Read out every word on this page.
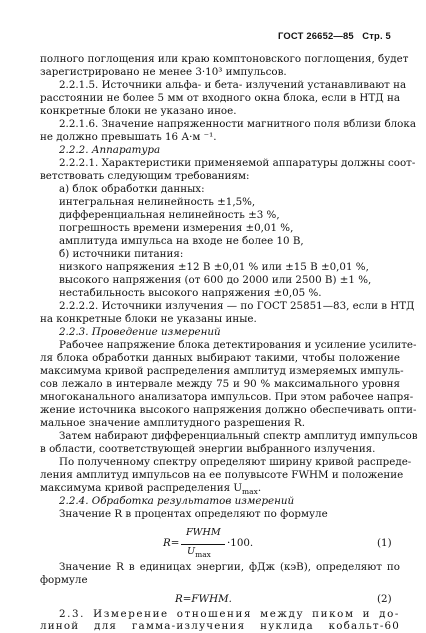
ГОСТ 26652—85 Стр. 5
полного поглощения или краю комптоновского поглощения, будет
зарегистрировано не менее 3·10³ импульсов.
2.2.1.5. Источники альфа- и бета- излучений устанавливают на
расстоянии не более 5 мм от входного окна блока, если в НТД на
конкретные блоки не указано иное.
2.2.1.6. Значение напряженности магнитного поля вблизи блока
не должно превышать 16 А·м ⁻¹.
2.2.2. Аппаратура
2.2.2.1. Характеристики применяемой аппаратуры должны соот-
ветствовать следующим требованиям:
а) блок обработки данных:
интегральная нелинейность ±1,5%,
дифференциальная нелинейность ±3 %,
погрешность времени измерения ±0,01 %,
амплитуда импульса на входе не более 10 В,
б) источники питания:
низкого напряжения ±12 В ±0,01 % или ±15 В ±0,01 %,
высокого напряжения (от 600 до 2000 или 2500 В) ±1 %,
нестабильность высокого напряжения ±0,05 %.
2.2.2.2. Источники излучения — по ГОСТ 25851—83, если в НТД
на конкретные блоки не указаны иные.
2.2.3. Проведение измерений
Рабочее напряжение блока детектирования и усиление усилите-
ля блока обработки данных выбирают такими, чтобы положение
максимума кривой распределения амплитуд измеряемых импуль-
сов лежало в интервале между 75 и 90 % максимального уровня
многоканального анализатора импульсов. При этом рабочее напря-
жение источника высокого напряжения должно обеспечивать опти-
мальное значение амплитудного разрешения R.
Затем набирают дифференциальный спектр амплитуд импульсов
в области, соответствующей энергии выбранного излучения.
По полученному спектру определяют ширину кривой распреде-
ления амплитуд импульсов на ее полувысоте FWHM и положение
максимума кривой распределения $U_{max}$.
2.2.4. Обработка результатов измерений
Значение R в процентах определяют по формуле
R=
FWHM
$U_{max}$
·100.	(1)
Значение R в единицах энергии, фДж (кэВ), определяют по
формуле
R=FWHM.	(2)
2.3. Измерение отношения между пиком и до-
линой для гамма-излучения нуклида кобальт-60
